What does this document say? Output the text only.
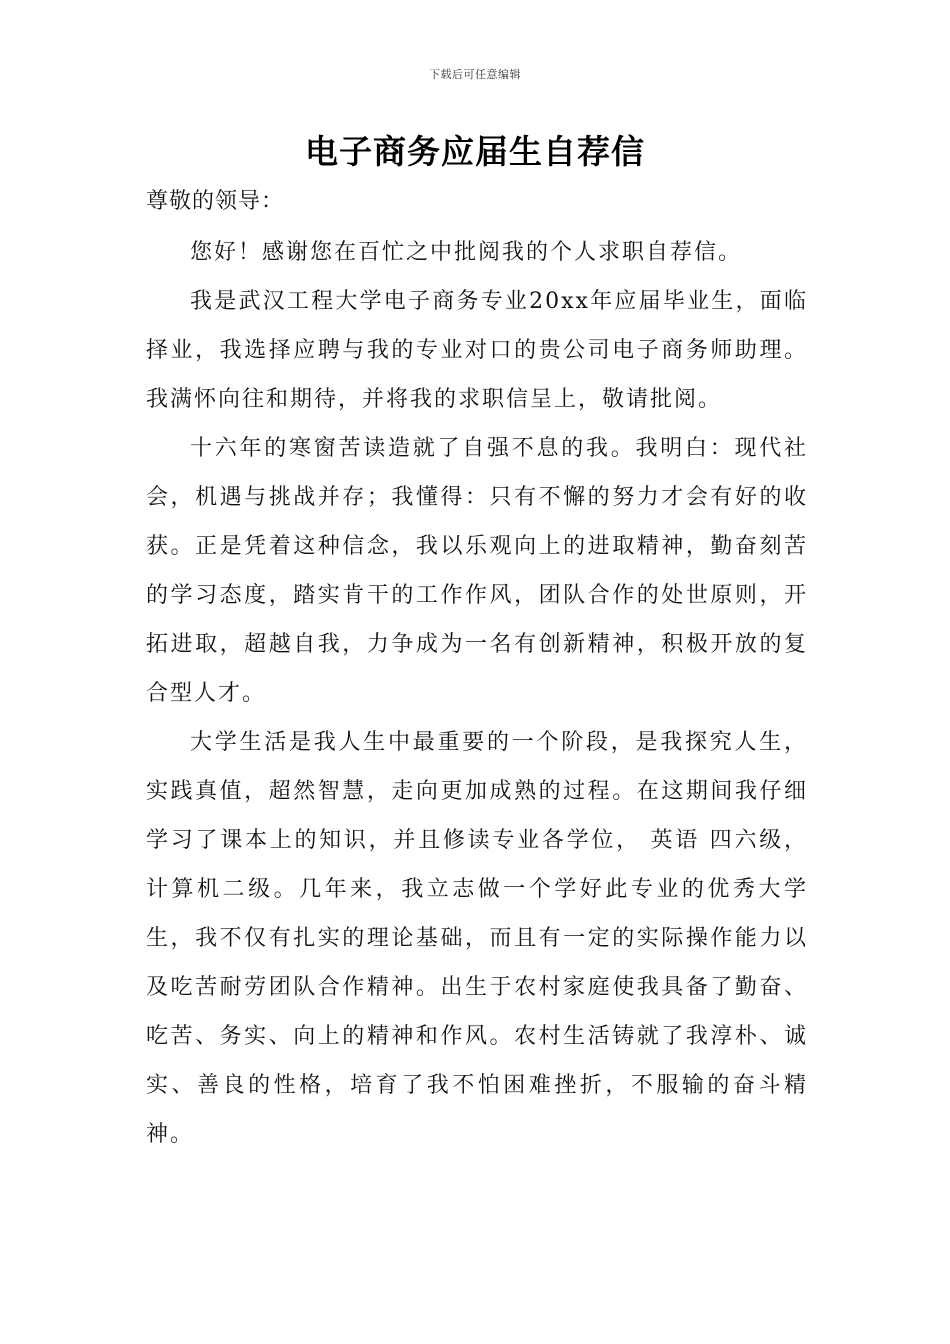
下载后可任意编辑
电子商务应届生自荐信
尊敬的领导：

您好！感谢您在百忙之中批阅我的个人求职自荐信。

我是武汉工程大学电子商务专业20xx年应届毕业生，面临择业，我选择应聘与我的专业对口的贵公司电子商务师助理。我满怀向往和期待，并将我的求职信呈上，敬请批阅。

十六年的寒窗苦读造就了自强不息的我。我明白：现代社会，机遇与挑战并存；我懂得：只有不懈的努力才会有好的收获。正是凭着这种信念，我以乐观向上的进取精神，勤奋刻苦的学习态度，踏实肯干的工作作风，团队合作的处世原则，开拓进取，超越自我，力争成为一名有创新精神，积极开放的复合型人才。

大学生活是我人生中最重要的一个阶段，是我探究人生，实践真值，超然智慧，走向更加成熟的过程。在这期间我仔细学习了课本上的知识，并且修读专业各学位， 英语 四六级，计算机二级。几年来，我立志做一个学好此专业的优秀大学生，我不仅有扎实的理论基础，而且有一定的实际操作能力以及吃苦耐劳团队合作精神。出生于农村家庭使我具备了勤奋、吃苦、务实、向上的精神和作风。农村生活铸就了我淳朴、诚实、善良的性格，培育了我不怕困难挫折，不服输的奋斗精神。
